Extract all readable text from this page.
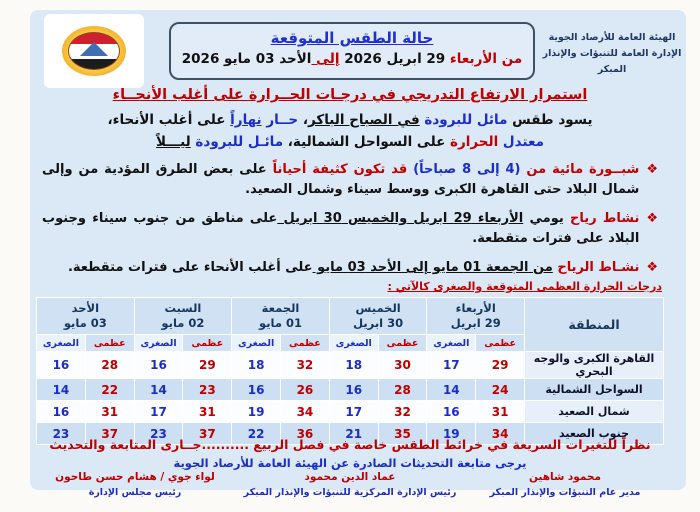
الهيئة العامة للأرصاد الجوية
الإدارة العامة للتنبؤات والإنذار المبكر
حالة الطقس المتوقعة
من الأربعاء 29 ابريل 2026 إلى الأحد 03 مايو 2026
استمرار الارتفاع التدريجي في درجـات الحــرارة على أغلب الأنحــاء
يسود طقس مائل للبرودة في الصباح الباكر، حــار نهاراً على أغلب الأنحاء،
معتدل الحرارة على السواحل الشمالية، مائـل للبرودة ليـــلاً
❖
شبــورة مائية من (4 إلى 8 صباحاً) قد تكون كثيفة أحياناً على بعض الطرق المؤدية من وإلى شمال البلاد حتى القاهرة الكبرى ووسط سيناء وشمال الصعيد.
❖
نشاط رياح يومي الأربعاء 29 ابريل والخميس 30 ابريل على مناطق من جنوب سيناء وجنوب البلاد على فترات متقطعة.
❖
نشـاط الرياح من الجمعة 01 مايو إلى الأحد 03 مايو على أغلب الأنحاء على فترات متقطعة.
درجات الحرارة العظمى المتوقعة والصغرى كالآتي :
المنطقة	
الأربعاء
29 ابريل

الخميس
30 ابريل

الجمعة
01 مايو

السبت
02 مايو

الأحد
03 مايو

	عظمى	الصغرى	عظمى	الصغرى	عظمى	الصغرى	عظمى	الصغرى	عظمى	الصغرى
القاهرة الكبرى والوجه البحري	29	17	30	18	32	18	29	16	28	16
السواحل الشمالية	24	14	28	16	26	16	23	14	22	14
شمال الصعيد	31	16	32	17	34	19	31	17	31	16
جنوب الصعيد	34	19	35	21	36	22	37	23	37	23
نظراً للتغيرات السريعة في خرائط الطقس خاصة في فصل الربيع ..........جــارى المتابعة والتحديث
يرجى متابعة التحديثات الصادرة عن الهيئة العامة للأرصاد الجوية
محمود شاهين
مدير عام التنبؤات والإنذار المبكر
عماد الدين محمود
رئيس الإدارة المركزية للتنبؤات والإنذار المبكر
لواء جوي / هشام حسن طاحون
رئيس مجلس الإدارة
